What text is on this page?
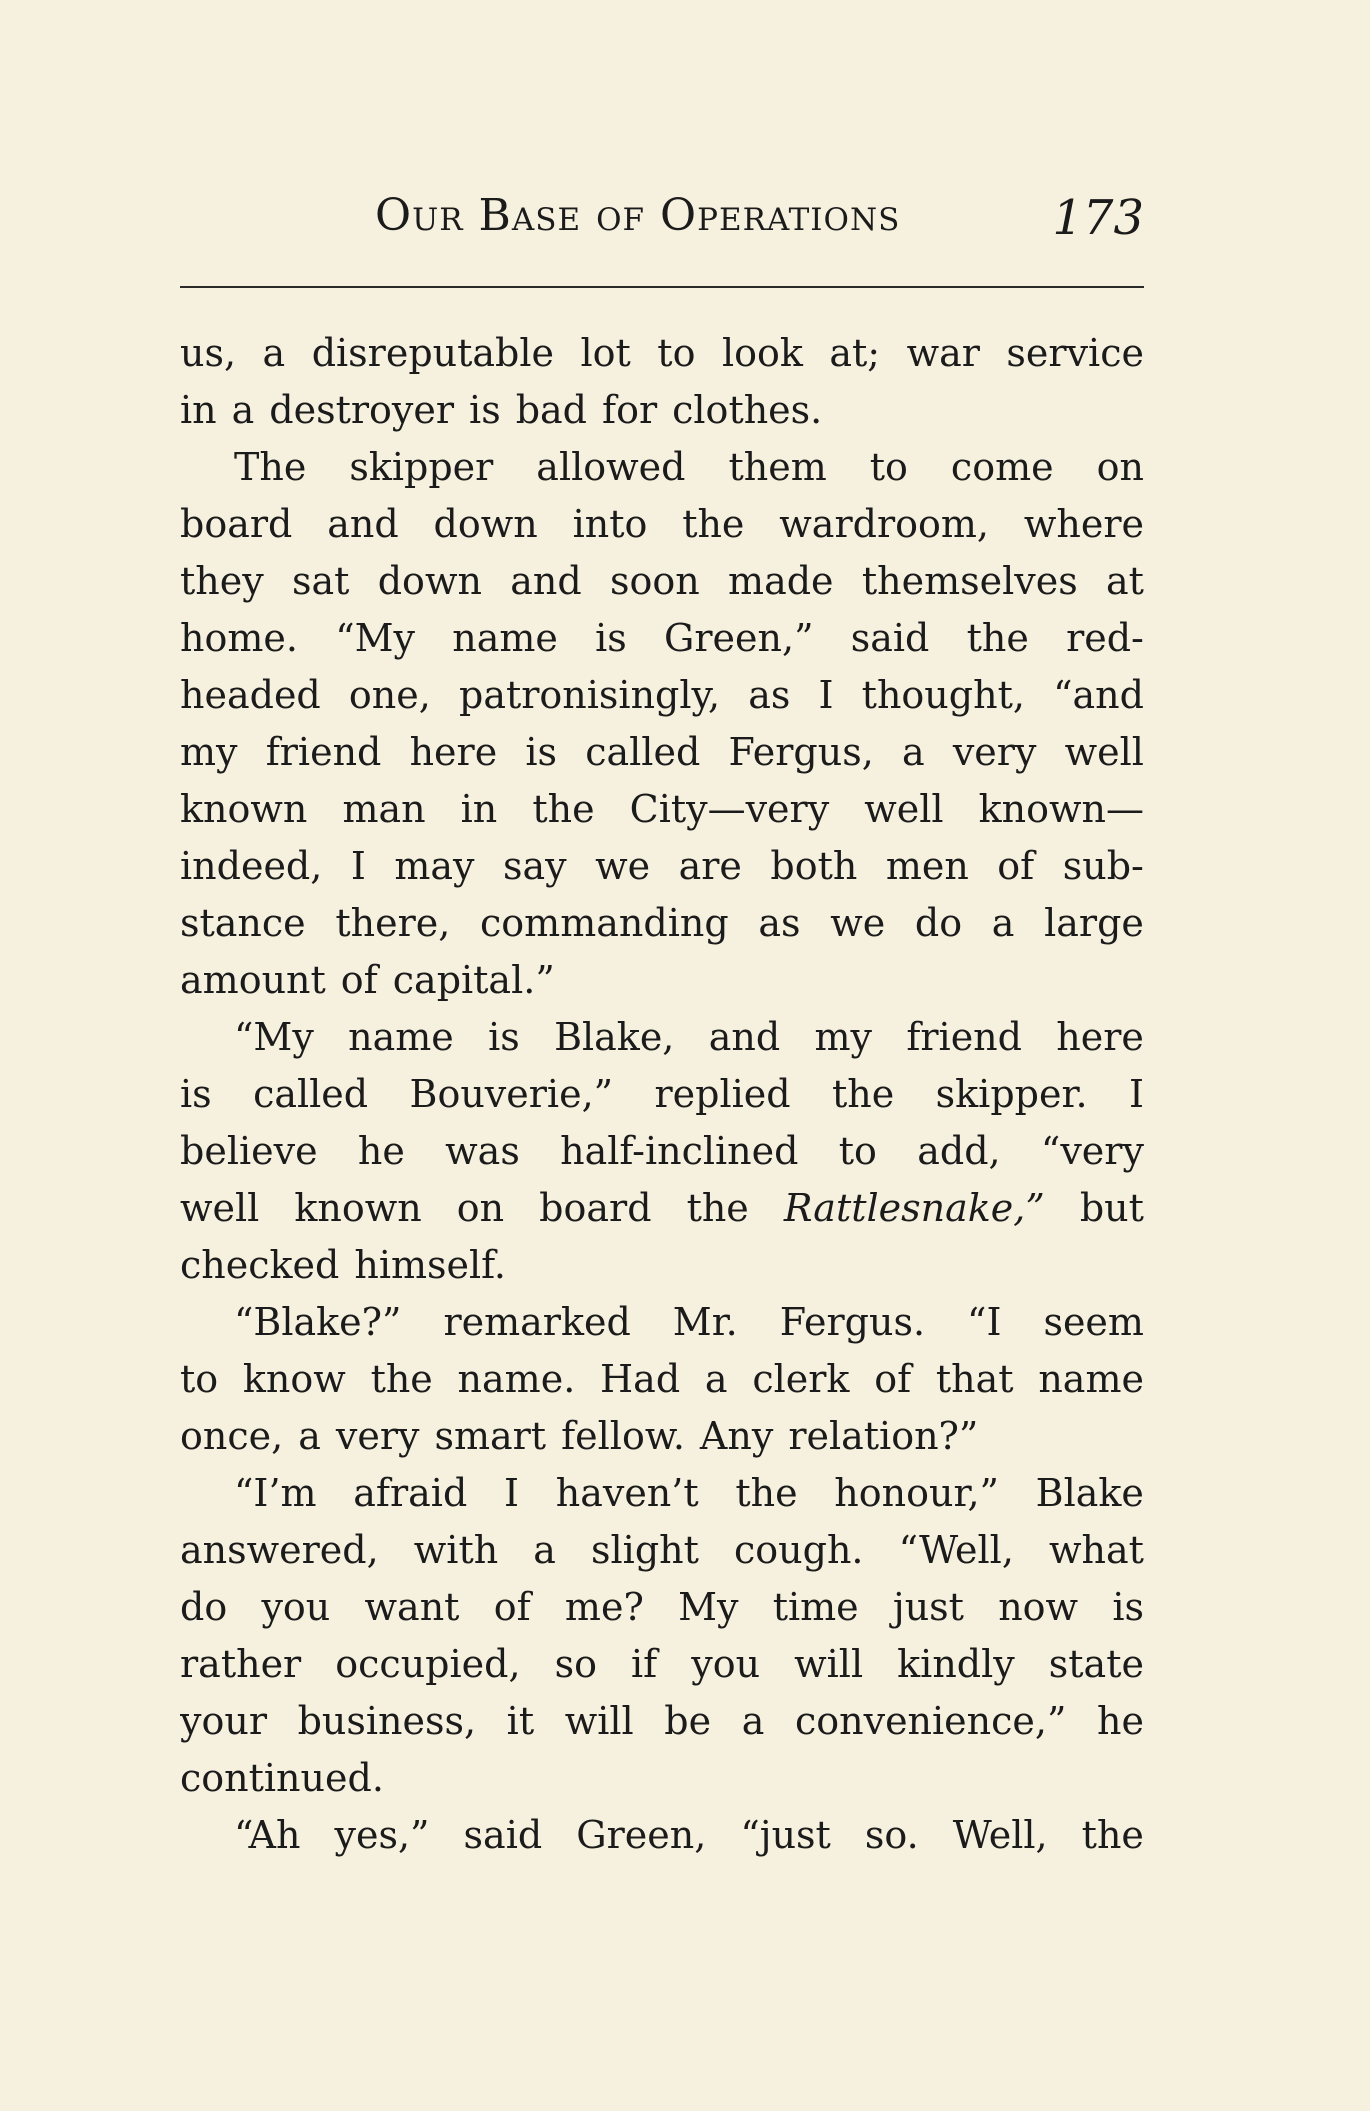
Our Base of Operations	173
us, a disreputable lot to look at; war service
in a destroyer is bad for clothes.
The skipper allowed them to come on
board and down into the wardroom, where
they sat down and soon made themselves at
home. “My name is Green,” said the red-
headed one, patronisingly, as I thought, “and
my friend here is called Fergus, a very well
known man in the City—very well known—
indeed, I may say we are both men of sub-
stance there, commanding as we do a large
amount of capital.”
“My name is Blake, and my friend here
is called Bouverie,” replied the skipper. I
believe he was half-inclined to add, “very
well known on board the Rattlesnake,” but
checked himself.
“Blake?” remarked Mr. Fergus. “I seem
to know the name. Had a clerk of that name
once, a very smart fellow. Any relation?”
“I’m afraid I haven’t the honour,” Blake
answered, with a slight cough. “Well, what
do you want of me? My time just now is
rather occupied, so if you will kindly state
your business, it will be a convenience,” he
continued.
“Ah yes,” said Green, “just so. Well, the
